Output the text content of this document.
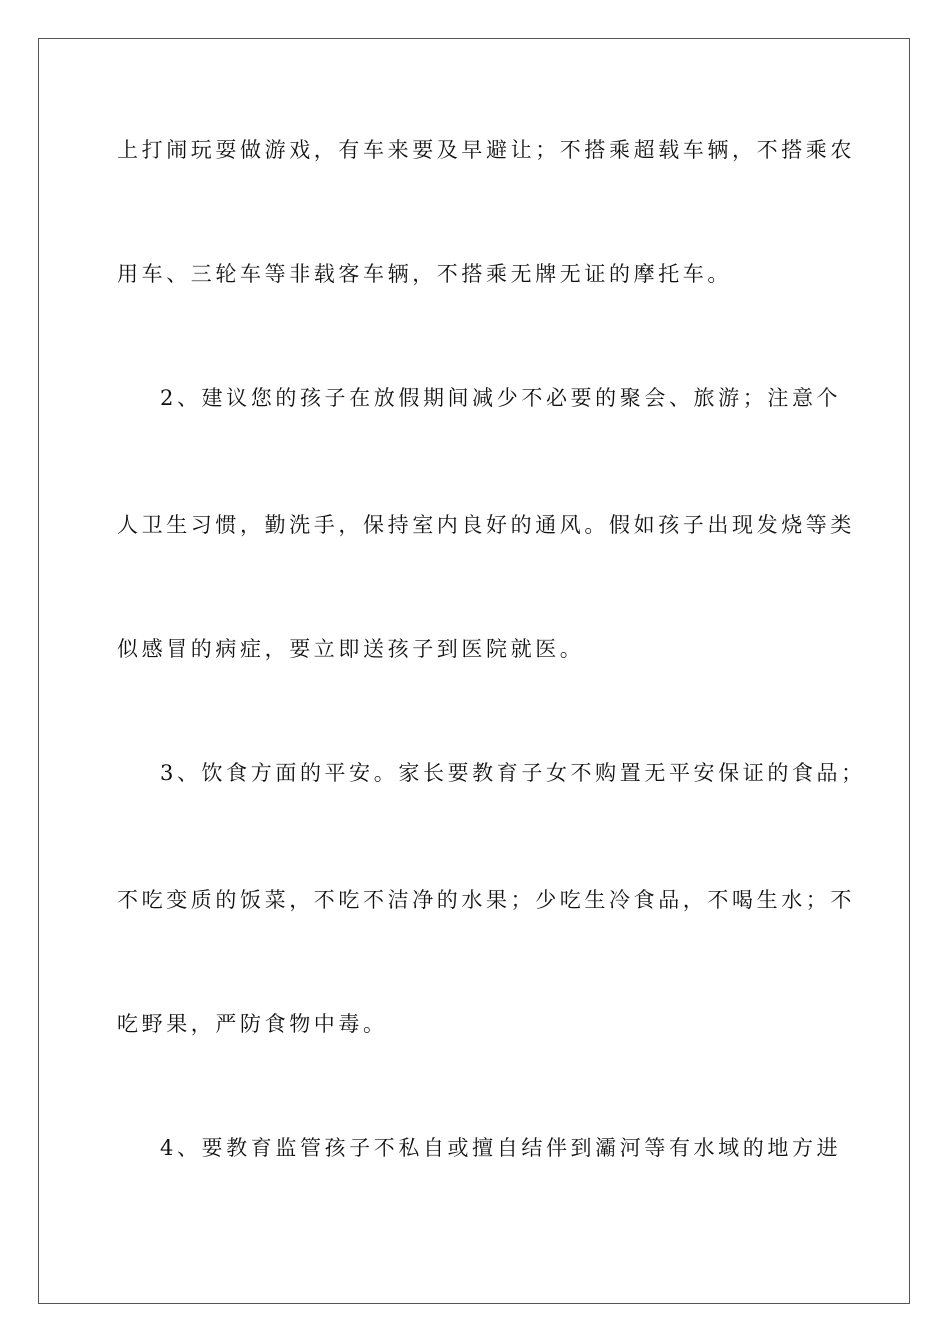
上打闹玩耍做游戏，有车来要及早避让；不搭乘超载车辆，不搭乘农

用车、三轮车等非载客车辆，不搭乘无牌无证的摩托车。

2、建议您的孩子在放假期间减少不必要的聚会、旅游；注意个

人卫生习惯，勤洗手，保持室内良好的通风。假如孩子出现发烧等类

似感冒的病症，要立即送孩子到医院就医。

3、饮食方面的平安。家长要教育子女不购置无平安保证的食品；

不吃变质的饭菜，不吃不洁净的水果；少吃生冷食品，不喝生水；不

吃野果，严防食物中毒。

4、要教育监管孩子不私自或擅自结伴到灞河等有水域的地方进
